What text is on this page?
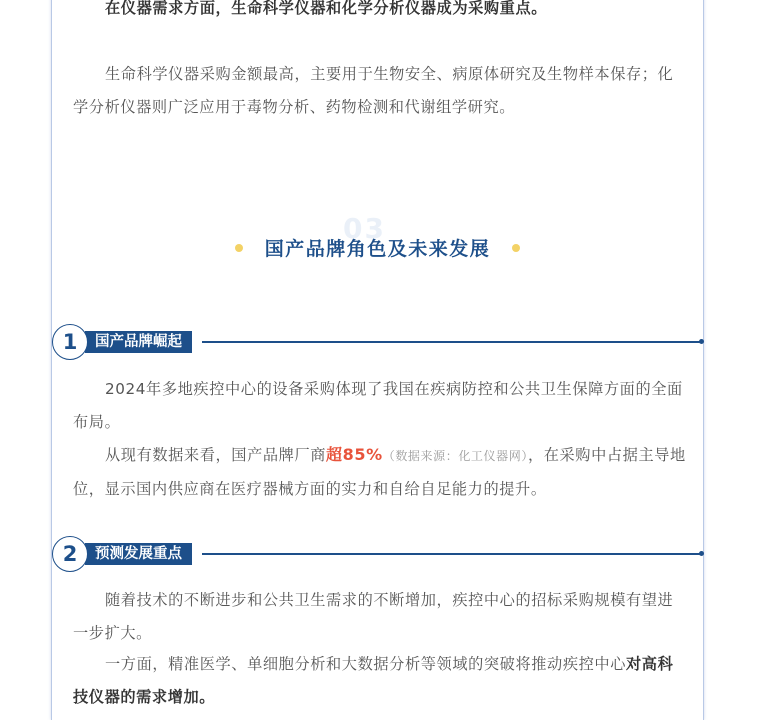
在仪器需求方面，生命科学仪器和化学分析仪器成为采购重点。

生命科学仪器采购金额最高，主要用于生物安全、病原体研究及生物样本保存；化学分析仪器则广泛应用于毒物分析、药物检测和代谢组学研究。

03
国产品牌角色及未来发展
1	国产品牌崛起

2024年多地疾控中心的设备采购体现了我国在疾病防控和公共卫生保障方面的全面布局。

从现有数据来看，国产品牌厂商超85%（数据来源：化工仪器网），在采购中占据主导地位，显示国内供应商在医疗器械方面的实力和自给自足能力的提升。

2	预测发展重点

随着技术的不断进步和公共卫生需求的不断增加，疾控中心的招标采购规模有望进一步扩大。

一方面，精准医学、单细胞分析和大数据分析等领域的突破将推动疾控中心对高科技仪器的需求增加。
